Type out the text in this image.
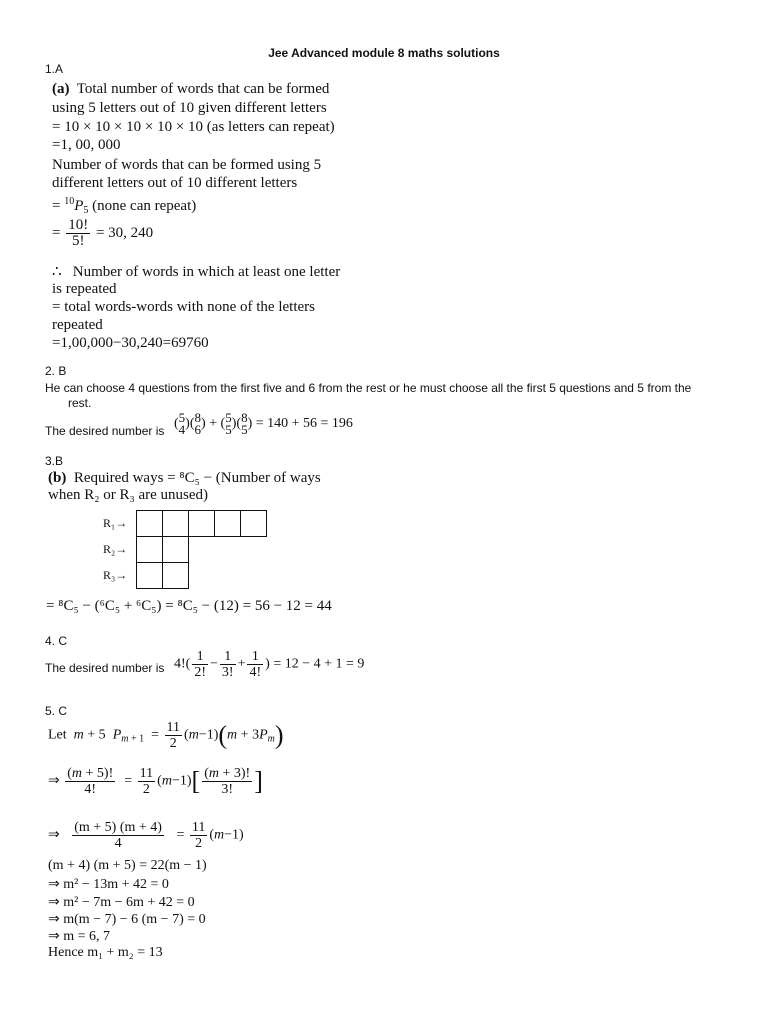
Jee Advanced module 8 maths solutions
1.A
(a) Total number of words that can be formed
using 5 letters out of 10 given different letters
= 10 × 10 × 10 × 10 × 10 (as letters can repeat)
=1, 00, 000
Number of words that can be formed using 5
different letters out of 10 different letters
= $^{10}P_5$ (none can repeat)
= $\frac{10!}{5!} = 30$, 240
∴ Number of words in which at least one letter
is repeated
= total words-words with none of the letters
repeated
=1,00,000−30,240=69760
2. B
He can choose 4 questions from the first five and 6 from the rest or he must choose all the first 5 questions and 5 from the
rest.
The desired number is ( 5
4 )( 8
6 ) + ( 5
5 )( 8
5 ) = 140 + 56 = 196
3.B
(b) Required ways = ⁸C₅ − (Number of ways
when R₂ or R₃ are unused)
R₁→
R₂→
R₃→
= ⁸C₅ − (⁶C₅ + ⁶C₅) = ⁸C₅ − (12) = 56 − 12 = 44
4. C
The desired number is $4!( \frac{1}{2!} - \frac{1}{3!} + \frac{1}{4!}$ ) = 12 − 4 + 1 = 9
5. C
Let m + 5  $P_{m + 1} = \frac{11}{2} (m-1)(m + 3P_m)$
⇒ $\frac{(m + 5)!}{4!} = \frac{11}{2} (m-1)[ \frac{(m + 3)!}{3!}$ ]
⇒ $\frac{(m + 5) (m + 4)}{4} = \frac{11}{2} (m-1)$
(m + 4) (m + 5) = 22(m − 1)
⇒ m² − 13m + 42 = 0
⇒ m² − 7m − 6m + 42 = 0
⇒ m(m − 7) − 6 (m − 7) = 0
⇒ m = 6, 7
Hence m₁ + m₂ = 13
